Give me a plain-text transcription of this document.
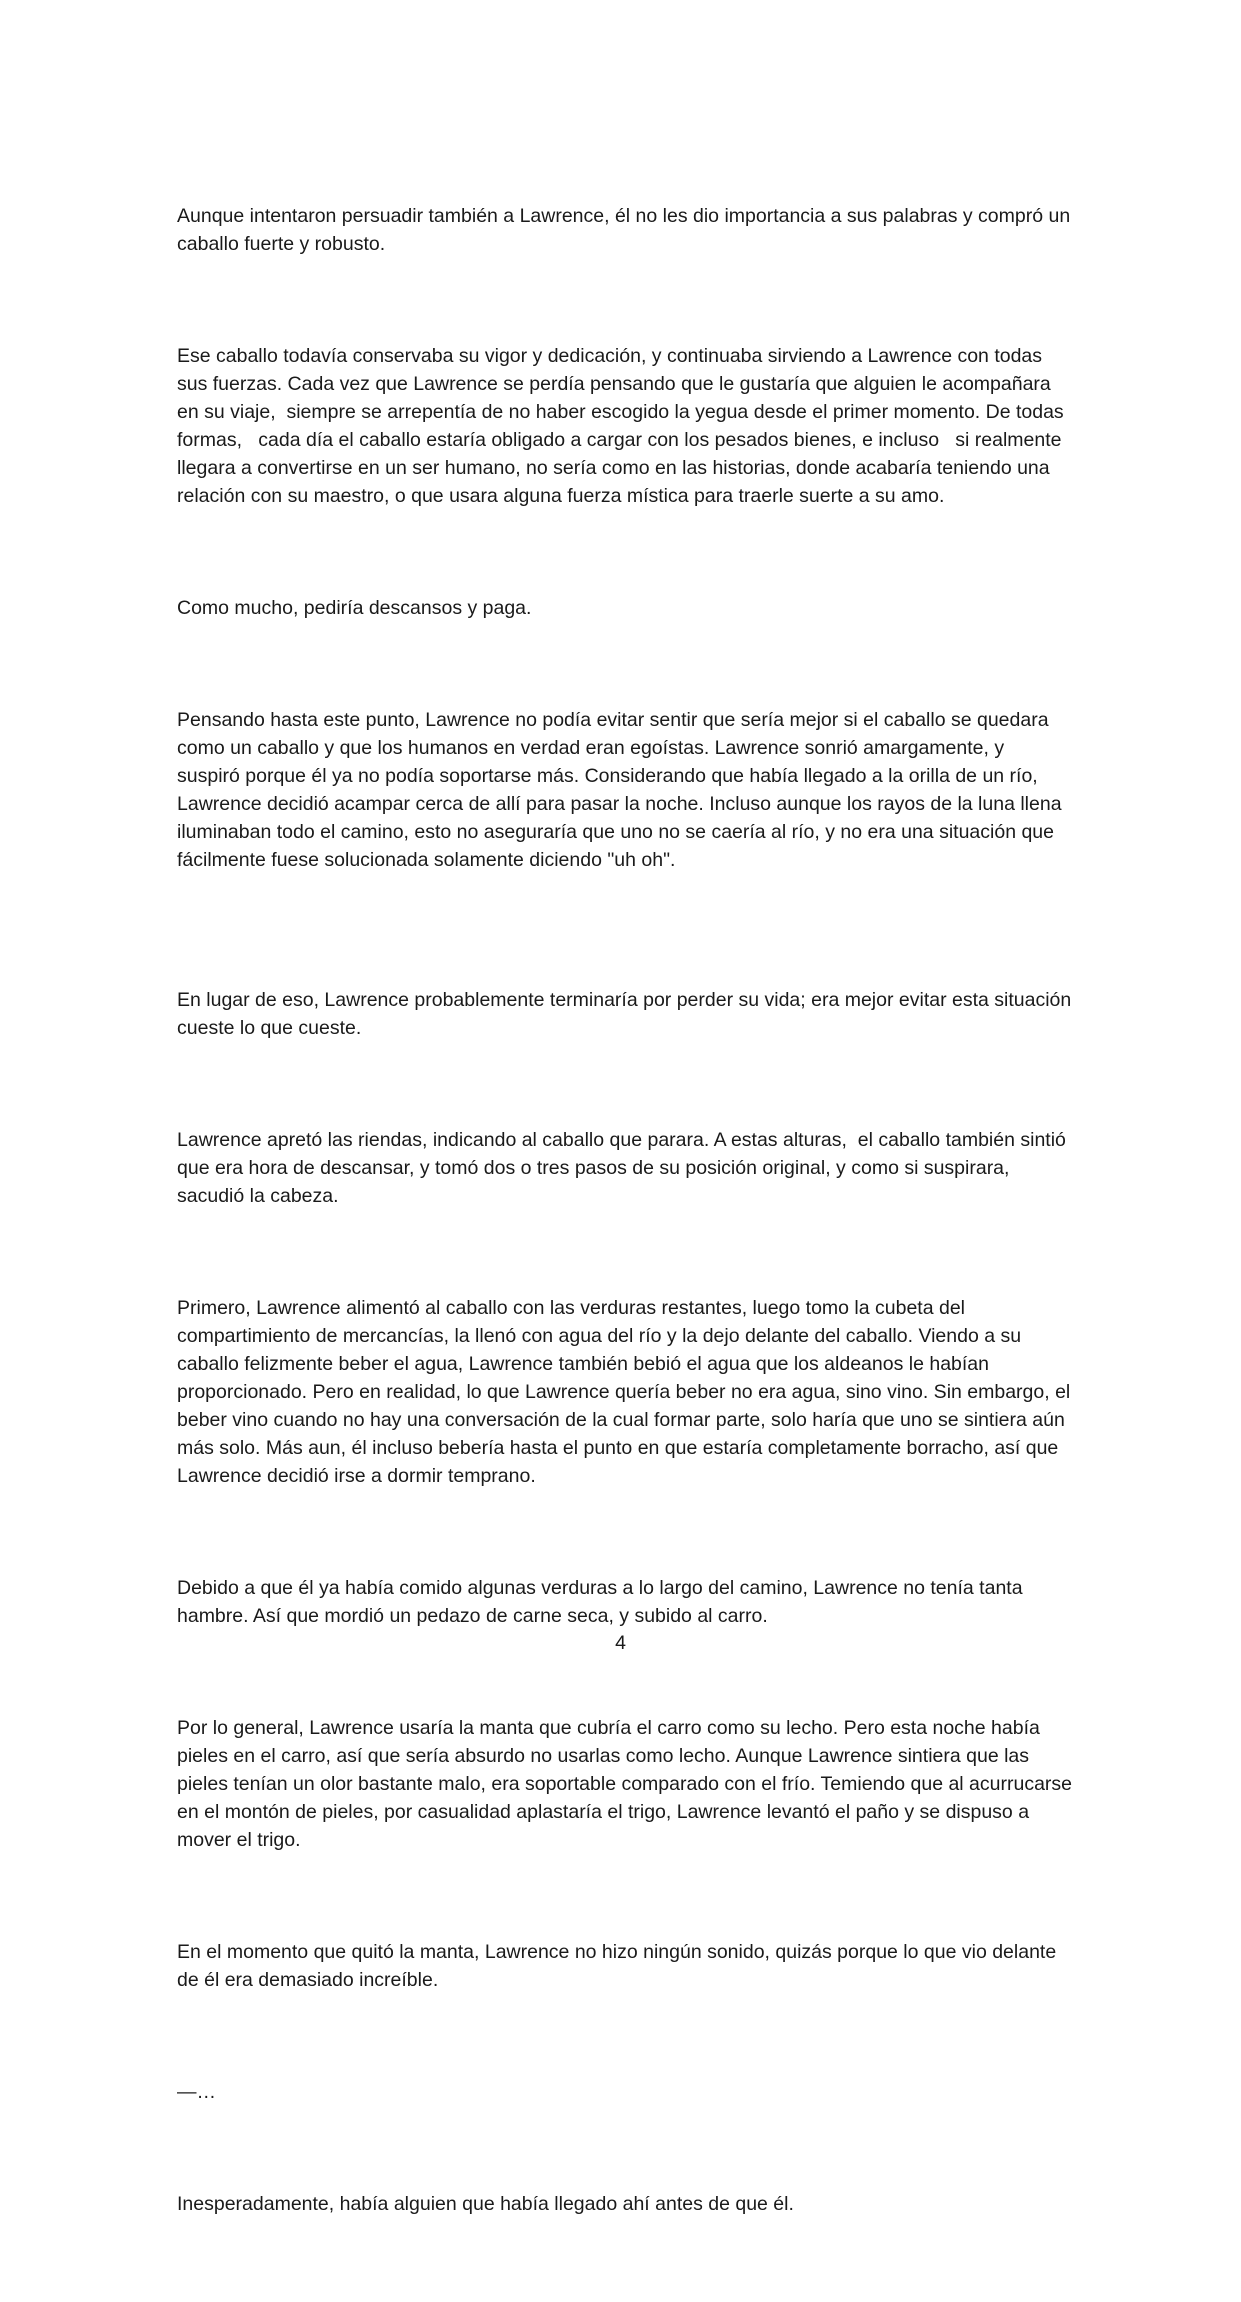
Aunque intentaron persuadir también a Lawrence, él no les dio importancia a sus palabras y compró un caballo fuerte y robusto.

Ese caballo todavía conservaba su vigor y dedicación, y continuaba sirviendo a Lawrence con todas sus fuerzas. Cada vez que Lawrence se perdía pensando que le gustaría que alguien le acompañara en su viaje,  siempre se arrepentía de no haber escogido la yegua desde el primer momento. De todas formas,   cada día el caballo estaría obligado a cargar con los pesados bienes, e incluso   si realmente llegara a convertirse en un ser humano, no sería como en las historias, donde acabaría teniendo una relación con su maestro, o que usara alguna fuerza mística para traerle suerte a su amo.

Como mucho, pediría descansos y paga.

Pensando hasta este punto, Lawrence no podía evitar sentir que sería mejor si el caballo se quedara como un caballo y que los humanos en verdad eran egoístas. Lawrence sonrió amargamente, y suspiró porque él ya no podía soportarse más. Considerando que había llegado a la orilla de un río,   Lawrence decidió acampar cerca de allí para pasar la noche. Incluso aunque los rayos de la luna llena iluminaban todo el camino, esto no aseguraría que uno no se caería al río, y no era una situación que fácilmente fuese solucionada solamente diciendo "uh oh".

En lugar de eso, Lawrence probablemente terminaría por perder su vida; era mejor evitar esta situación cueste lo que cueste.

Lawrence apretó las riendas, indicando al caballo que parara. A estas alturas,  el caballo también sintió que era hora de descansar, y tomó dos o tres pasos de su posición original, y como si suspirara, sacudió la cabeza.

Primero, Lawrence alimentó al caballo con las verduras restantes, luego tomo la cubeta del compartimiento de mercancías, la llenó con agua del río y la dejo delante del caballo. Viendo a su caballo felizmente beber el agua, Lawrence también bebió el agua que los aldeanos le habían proporcionado. Pero en realidad, lo que Lawrence quería beber no era agua, sino vino. Sin embargo, el beber vino cuando no hay una conversación de la cual formar parte, solo haría que uno se sintiera aún más solo. Más aun, él incluso bebería hasta el punto en que estaría completamente borracho, así que Lawrence decidió irse a dormir temprano.

Debido a que él ya había comido algunas verduras a lo largo del camino, Lawrence no tenía tanta hambre. Así que mordió un pedazo de carne seca, y subido al carro.

Por lo general, Lawrence usaría la manta que cubría el carro como su lecho. Pero esta noche había pieles en el carro, así que sería absurdo no usarlas como lecho. Aunque Lawrence sintiera que las pieles tenían un olor bastante malo, era soportable comparado con el frío. Temiendo que al acurrucarse en el montón de pieles, por casualidad aplastaría el trigo, Lawrence levantó el paño y se dispuso a mover el trigo.

En el momento que quitó la manta, Lawrence no hizo ningún sonido, quizás porque lo que vio delante de él era demasiado increíble.

—…

Inesperadamente, había alguien que había llegado ahí antes de que él.

4
